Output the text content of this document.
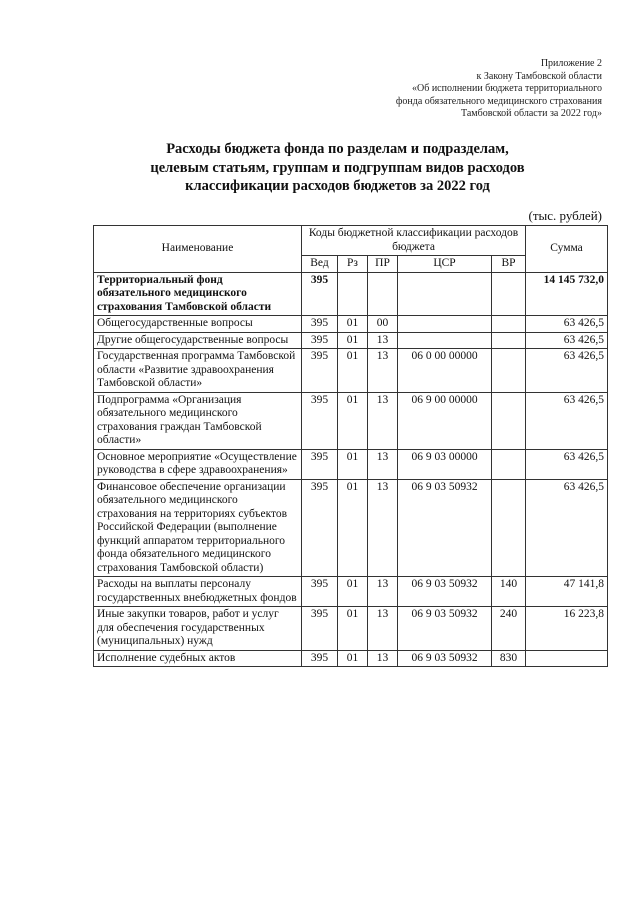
Приложение 2
к Закону Тамбовской области
«Об исполнении бюджета территориального
фонда обязательного медицинского страхования
Тамбовской области за 2022 год»
Расходы бюджета фонда по разделам и подразделам,
целевым статьям, группам и подгруппам видов расходов
классификации расходов бюджетов за 2022 год
(тыс. рублей)
Наименование	Коды бюджетной классификации расходов бюджета					Сумма
	Вед	Рз	ПР	ЦСР	ВР	
Территориальный фонд обязательного медицинского страхования Тамбовской области	395					14 145 732,0
Общегосударственные вопросы	395	01	00			63 426,5
Другие общегосударственные вопросы	395	01	13			63 426,5
Государственная программа Тамбовской области «Развитие здравоохранения Тамбовской области»	395	01	13	06 0 00 00000		63 426,5
Подпрограмма «Организация обязательного медицинского страхования граждан Тамбовской области»	395	01	13	06 9 00 00000		63 426,5
Основное мероприятие «Осуществление руководства в сфере здравоохранения»	395	01	13	06 9 03 00000		63 426,5
Финансовое обеспечение организации обязательного медицинского страхования на территориях субъектов Российской Федерации (выполнение функций аппаратом территориального фонда обязательного медицинского страхования Тамбовской области)	395	01	13	06 9 03 50932		63 426,5
Расходы на выплаты персоналу государственных внебюджетных фондов	395	01	13	06 9 03 50932	140	47 141,8
Иные закупки товаров, работ и услуг для обеспечения государственных (муниципальных) нужд	395	01	13	06 9 03 50932	240	16 223,8
Исполнение судебных актов	395	01	13	06 9 03 50932	830	
